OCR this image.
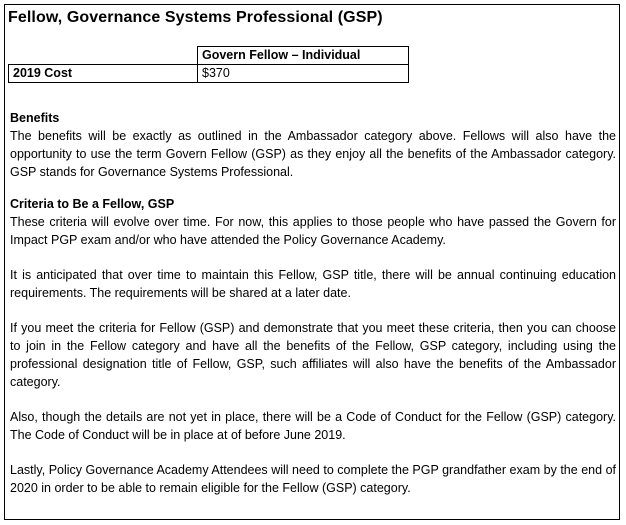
Fellow, Governance Systems Professional (GSP)
	Govern Fellow – Individual
2019 Cost	$370
Benefits

The benefits will be exactly as outlined in the Ambassador category above. Fellows will also have the opportunity to use the term Govern Fellow (GSP) as they enjoy all the benefits of the Ambassador category. GSP stands for Governance Systems Professional.

Criteria to Be a Fellow, GSP

These criteria will evolve over time. For now, this applies to those people who have passed the Govern for Impact PGP exam and/or who have attended the Policy Governance Academy.

It is anticipated that over time to maintain this Fellow, GSP title, there will be annual continuing education requirements. The requirements will be shared at a later date.

If you meet the criteria for Fellow (GSP) and demonstrate that you meet these criteria, then you can choose to join in the Fellow category and have all the benefits of the Fellow, GSP category, including using the professional designation title of Fellow, GSP, such affiliates will also have the benefits of the Ambassador category.

Also, though the details are not yet in place, there will be a Code of Conduct for the Fellow (GSP) category. The Code of Conduct will be in place at of before June 2019.

Lastly, Policy Governance Academy Attendees will need to complete the PGP grandfather exam by the end of 2020 in order to be able to remain eligible for the Fellow (GSP) category.
